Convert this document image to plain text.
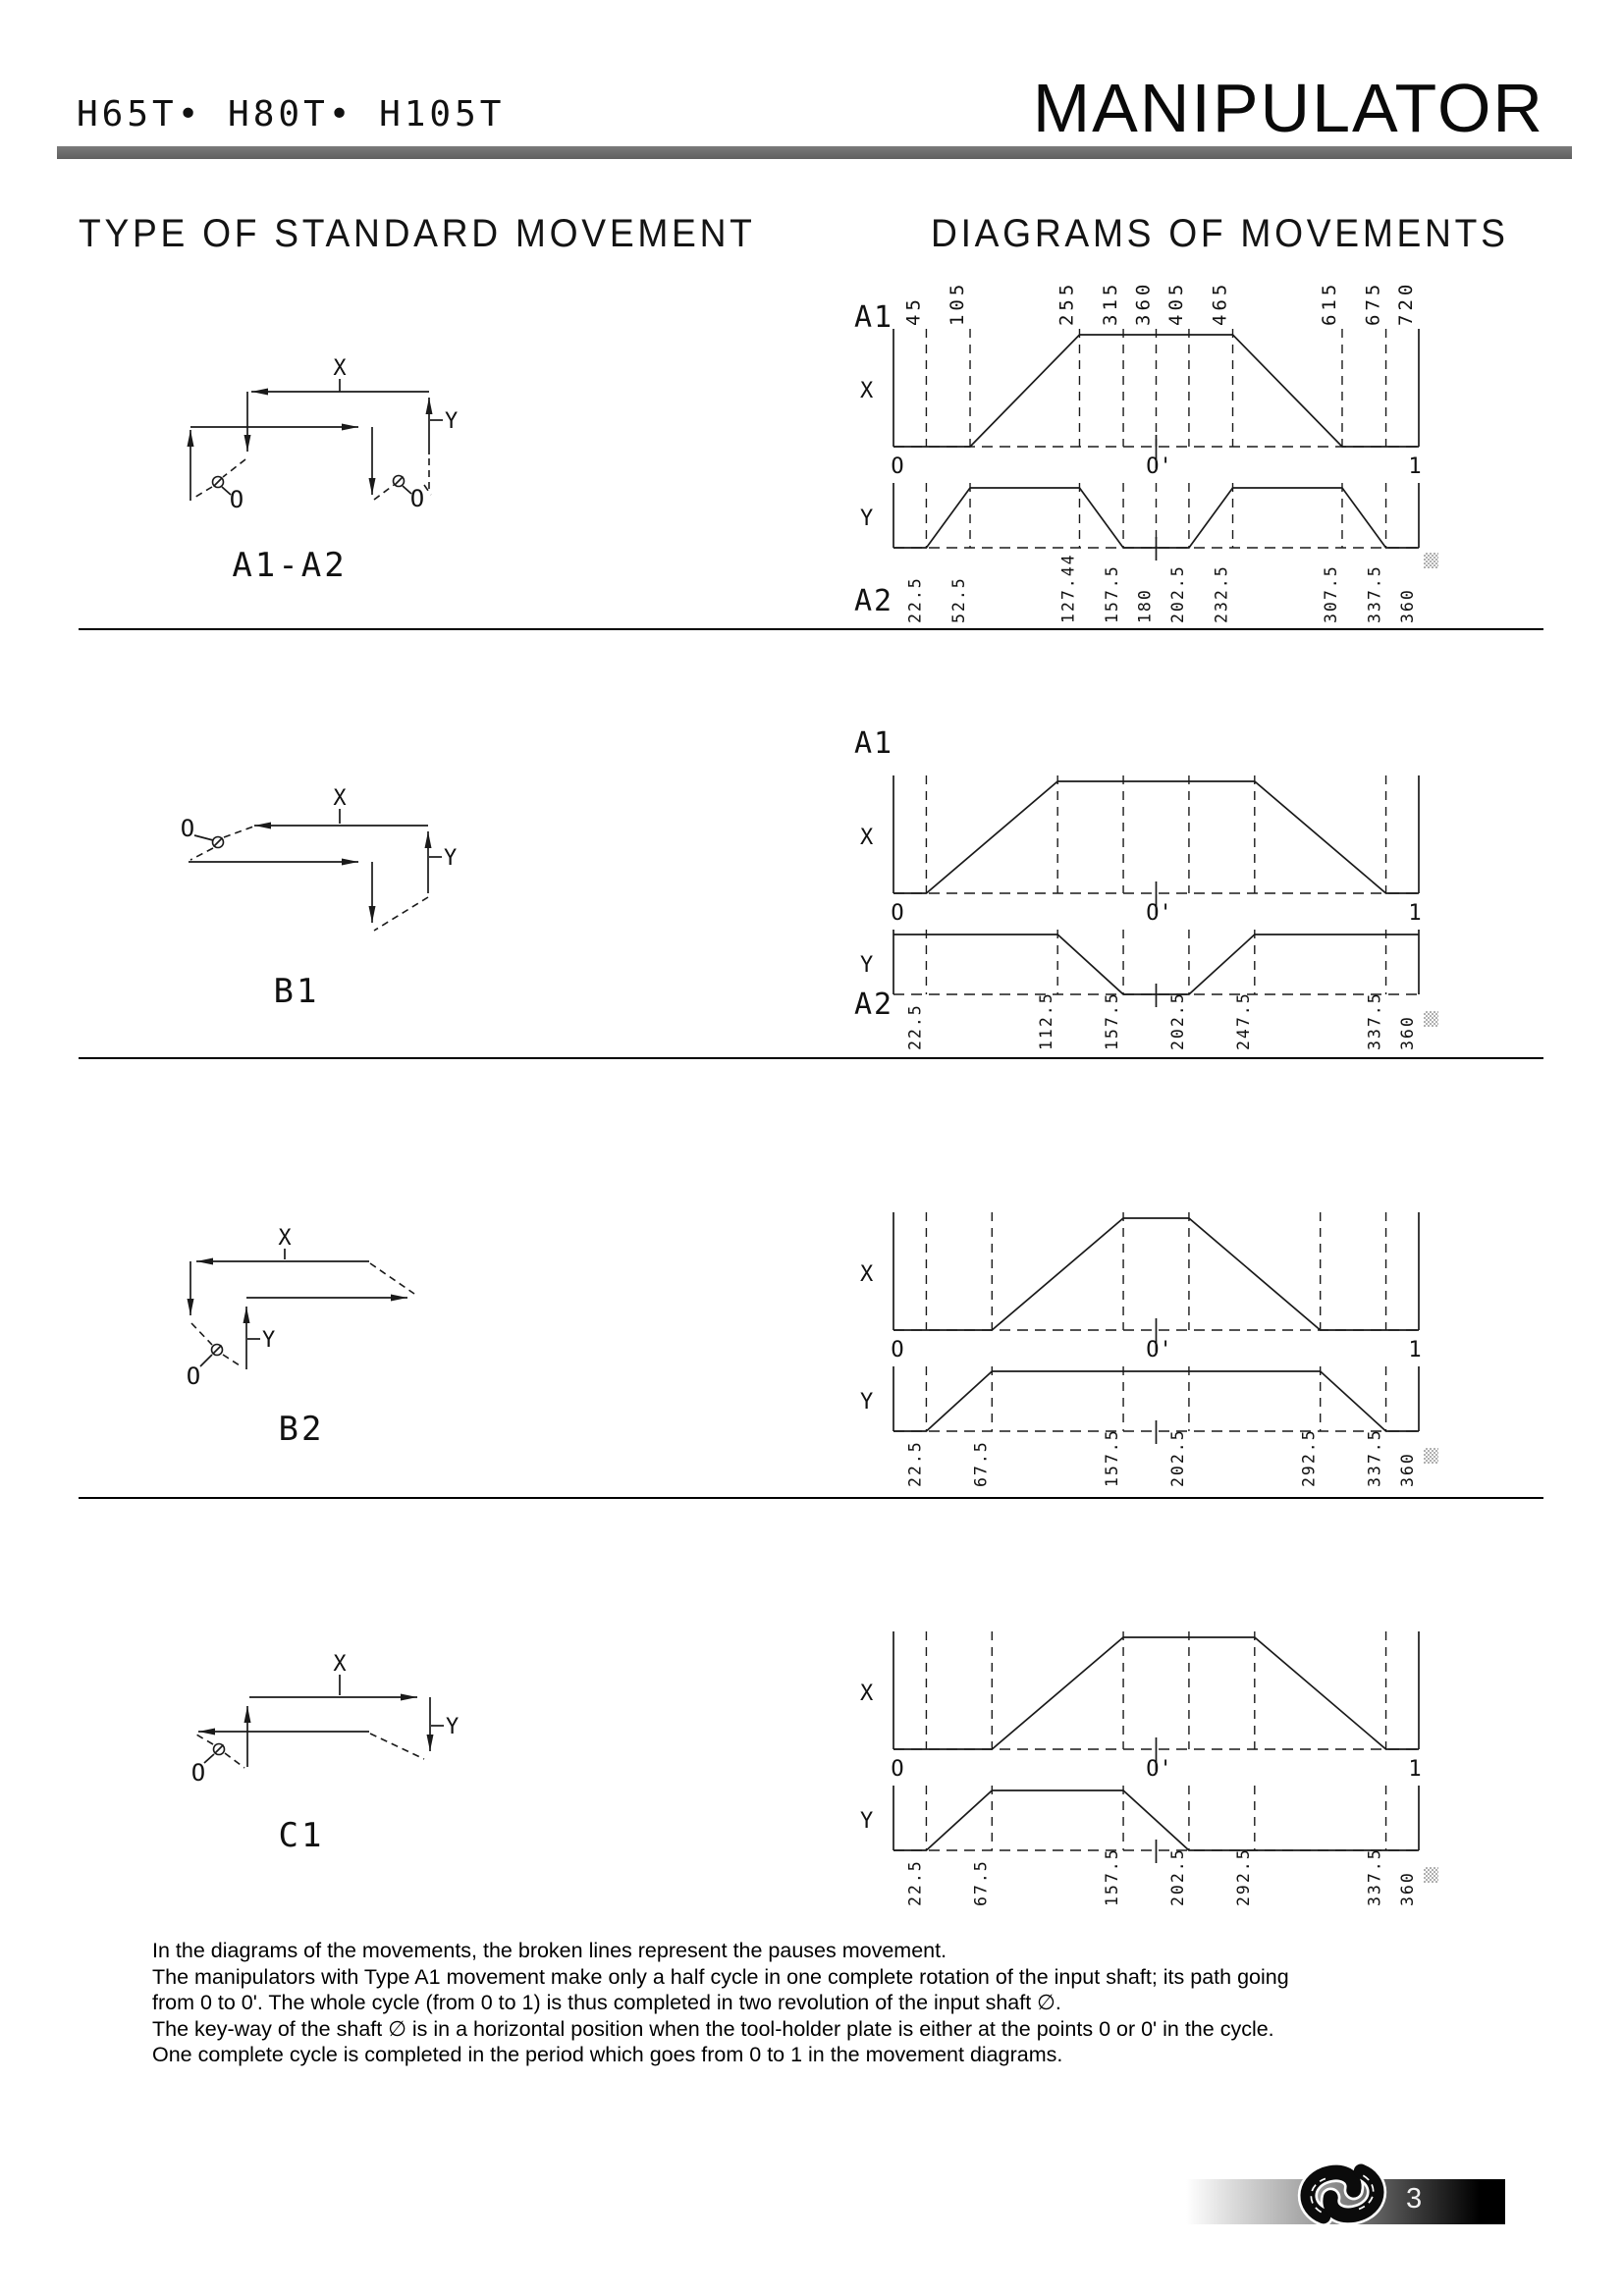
H65T• H80T• H105T	MANIPULATOR
TYPE OF STANDARD MOVEMENT	DIAGRAMS OF MOVEMENTS
X
O	O
Y
A1-A2
O
X
Y
B1
X
O
Y
B2
X
O
Y
C1
X
Y
O	O'	1
A1
A2
45
22.5
105
52.5
255
127.44
315
157.5
360
180
405
202.5
465
232.5
615
307.5
675
337.5
720
360
X
Y
O	O'	1
A1
A2 22.5	112.5	157.5	202.5	247.5	337.5 360
X
Y
O	O'	1
22.5	67.5	157.5	202.5	292.5	337.5 360
X
Y
O	O'	1
22.5	67.5	157.5	202.5	292.5	337.5 360
In the diagrams of the movements, the broken lines represent the pauses movement.
The manipulators with Type A1 movement make only a half cycle in one complete rotation of the input shaft; its path going
from 0 to 0'. The whole cycle (from 0 to 1) is thus completed in two revolution of the input shaft ∅.
The key-way of the shaft ∅ is in a horizontal position when the tool-holder plate is either at the points 0 or 0' in the cycle.
One complete cycle is completed in the period which goes from 0 to 1 in the movement diagrams.
3
